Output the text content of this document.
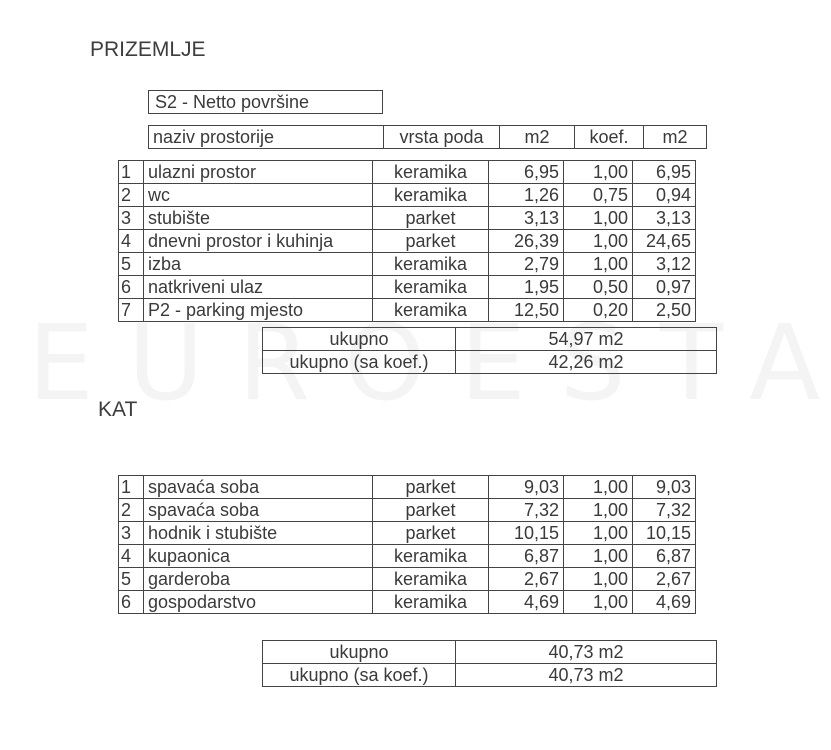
PRIZEMLJE
S2 - Netto površine
naziv prostorije	vrsta poda	m2	koef.	m2
1	ulazni prostor	keramika	6,95	1,00	6,95
2	wc	keramika	1,26	0,75	0,94
3	stubište	parket	3,13	1,00	3,13
4	dnevni prostor i kuhinja	parket	26,39	1,00	24,65
5	izba	keramika	2,79	1,00	3,12
6	natkriveni ulaz	keramika	1,95	0,50	0,97
7	P2 - parking mjesto	keramika	12,50	0,20	2,50
ukupno	54,97 m2
ukupno (sa koef.)	42,26 m2
KAT
1	spavaća soba	parket	9,03	1,00	9,03
2	spavaća soba	parket	7,32	1,00	7,32
3	hodnik i stubište	parket	10,15	1,00	10,15
4	kupaonica	keramika	6,87	1,00	6,87
5	garderoba	keramika	2,67	1,00	2,67
6	gospodarstvo	keramika	4,69	1,00	4,69
ukupno	40,73 m2
ukupno (sa koef.)	40,73 m2
